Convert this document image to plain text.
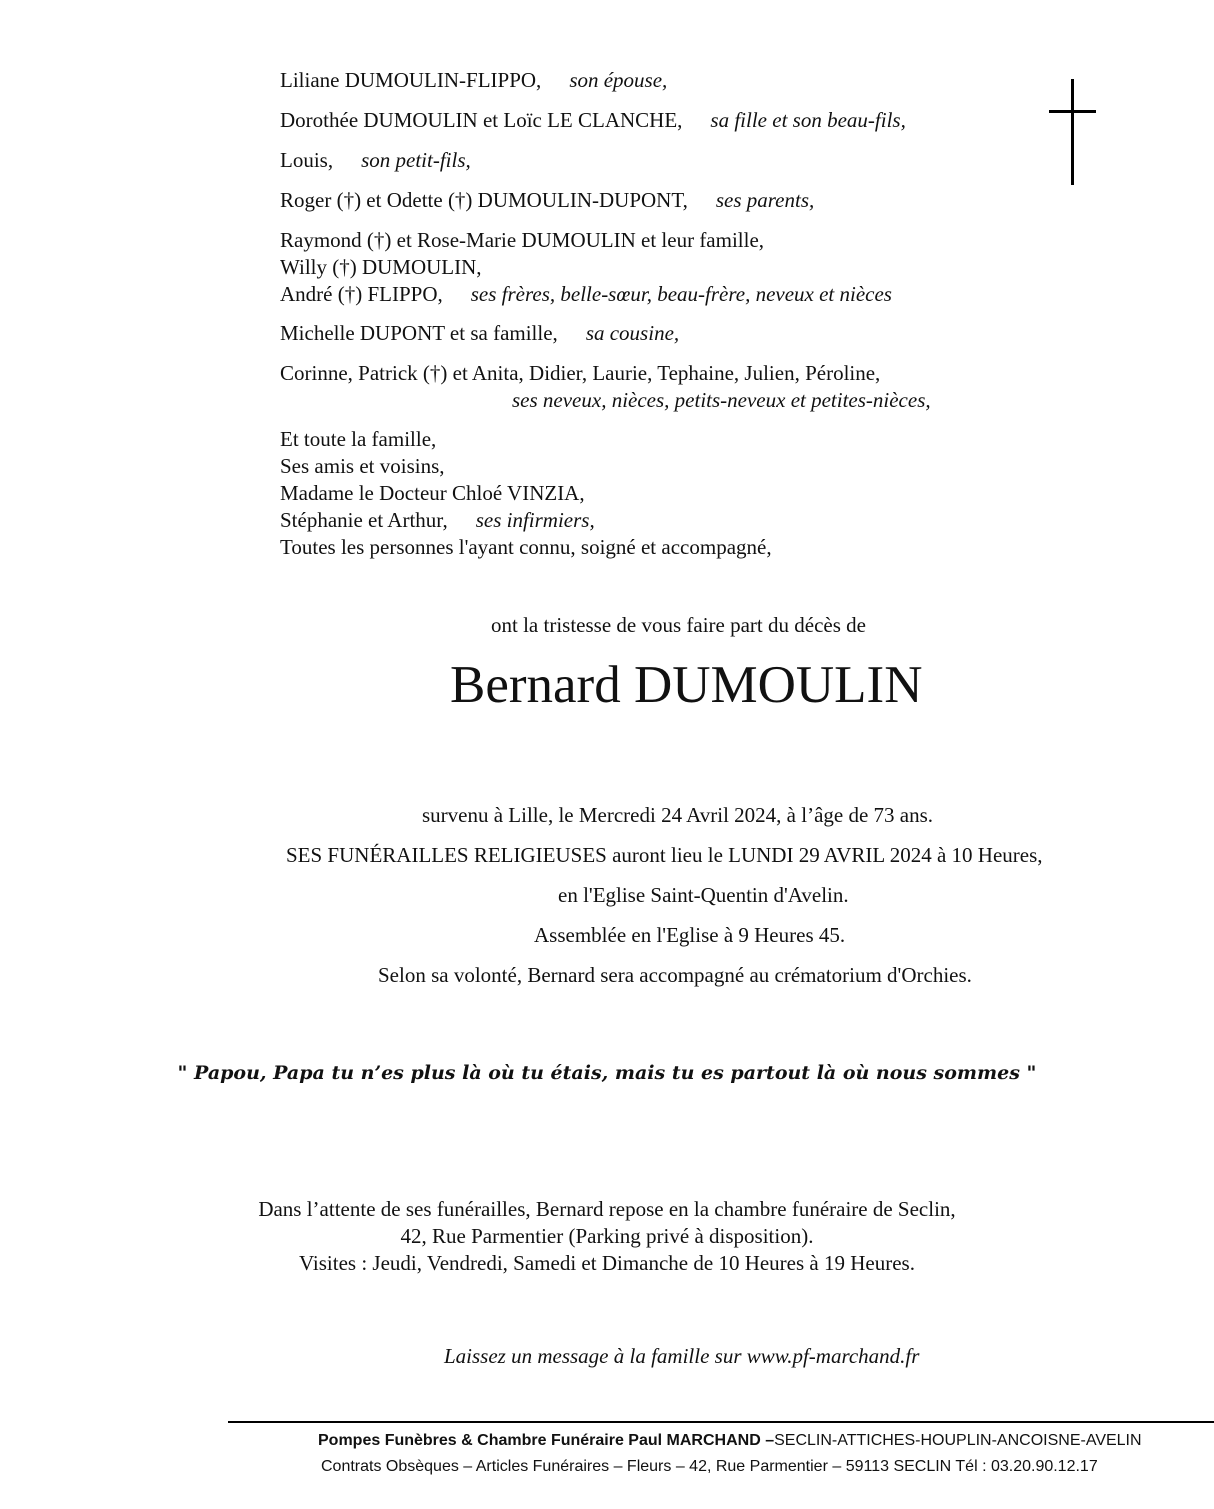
Liliane DUMOULIN-FLIPPO, son épouse,
Dorothée DUMOULIN et Loïc LE CLANCHE, sa fille et son beau-fils,
Louis, son petit-fils,
Roger (†) et Odette (†) DUMOULIN-DUPONT, ses parents,
Raymond (†) et Rose-Marie DUMOULIN et leur famille,
Willy (†) DUMOULIN,
André (†) FLIPPO, ses frères, belle-sœur, beau-frère, neveux et nièces
Michelle DUPONT et sa famille, sa cousine,
Corinne, Patrick (†) et Anita, Didier, Laurie, Tephaine, Julien, Péroline,
ses neveux, nièces, petits-neveux et petites-nièces,
Et toute la famille,
Ses amis et voisins,
Madame le Docteur Chloé VINZIA,
Stéphanie et Arthur, ses infirmiers,
Toutes les personnes l'ayant connu, soigné et accompagné,
ont la tristesse de vous faire part du décès de
Bernard DUMOULIN
survenu à Lille, le Mercredi 24 Avril 2024, à l’âge de 73 ans.
SES FUNÉRAILLES RELIGIEUSES auront lieu le LUNDI 29 AVRIL 2024 à 10 Heures,
en l'Eglise Saint-Quentin d'Avelin.
Assemblée en l'Eglise à 9 Heures 45.
Selon sa volonté, Bernard sera accompagné au crématorium d'Orchies.
" Papou, Papa tu n’es plus là où tu étais, mais tu es partout là où nous sommes "
Dans l’attente de ses funérailles, Bernard repose en la chambre funéraire de Seclin,
42, Rue Parmentier (Parking privé à disposition).
Visites : Jeudi, Vendredi, Samedi et Dimanche de 10 Heures à 19 Heures.
Laissez un message à la famille sur www.pf-marchand.fr
Pompes Funèbres & Chambre Funéraire Paul MARCHAND –SECLIN-ATTICHES-HOUPLIN-ANCOISNE-AVELIN
Contrats Obsèques – Articles Funéraires – Fleurs – 42, Rue Parmentier – 59113 SECLIN Tél : 03.20.90.12.17
